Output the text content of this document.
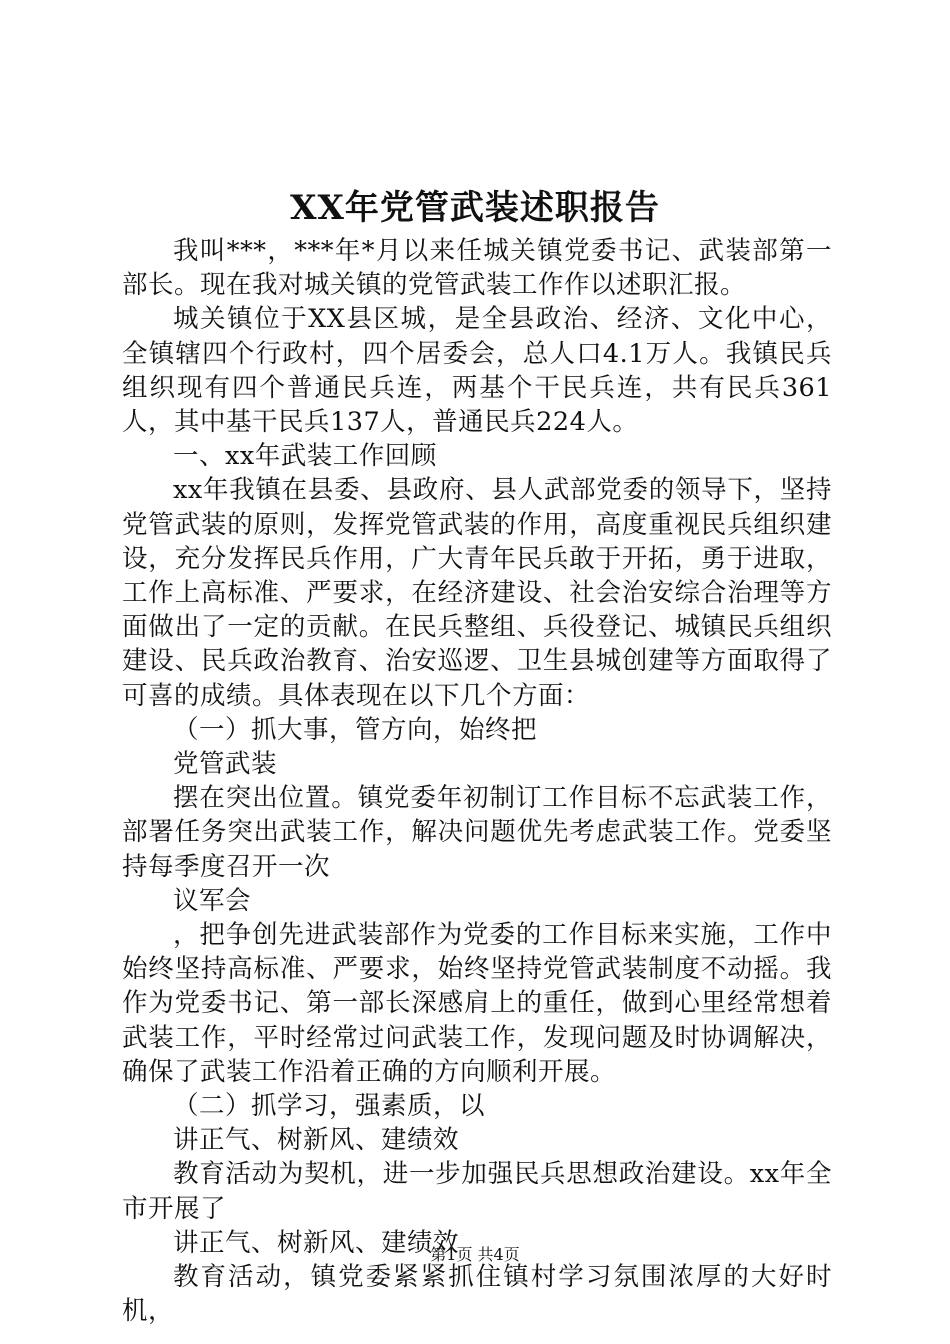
XX年党管武装述职报告

我叫***，***年*月以来任城关镇党委书记、武装部第一部长。现在我对城关镇的党管武装工作作以述职汇报。

城关镇位于XX县区城，是全县政治、经济、文化中心，全镇辖四个行政村，四个居委会，总人口4.1万人。我镇民兵组织现有四个普通民兵连，两基个干民兵连，共有民兵361人，其中基干民兵137人，普通民兵224人。

一、xx年武装工作回顾

xx年我镇在县委、县政府、县人武部党委的领导下，坚持党管武装的原则，发挥党管武装的作用，高度重视民兵组织建设，充分发挥民兵作用，广大青年民兵敢于开拓，勇于进取，工作上高标准、严要求，在经济建设、社会治安综合治理等方面做出了一定的贡献。在民兵整组、兵役登记、城镇民兵组织建设、民兵政治教育、治安巡逻、卫生县城创建等方面取得了可喜的成绩。具体表现在以下几个方面：

（一）抓大事，管方向，始终把

党管武装

摆在突出位置。镇党委年初制订工作目标不忘武装工作，部署任务突出武装工作，解决问题优先考虑武装工作。党委坚持每季度召开一次

议军会

，把争创先进武装部作为党委的工作目标来实施，工作中始终坚持高标准、严要求，始终坚持党管武装制度不动摇。我作为党委书记、第一部长深感肩上的重任，做到心里经常想着武装工作，平时经常过问武装工作，发现问题及时协调解决，确保了武装工作沿着正确的方向顺利开展。

（二）抓学习，强素质，以

讲正气、树新风、建绩效

教育活动为契机，进一步加强民兵思想政治建设。xx年全市开展了

讲正气、树新风、建绩效

教育活动，镇党委紧紧抓住镇村学习氛围浓厚的大好时机，

第1页 共4页
